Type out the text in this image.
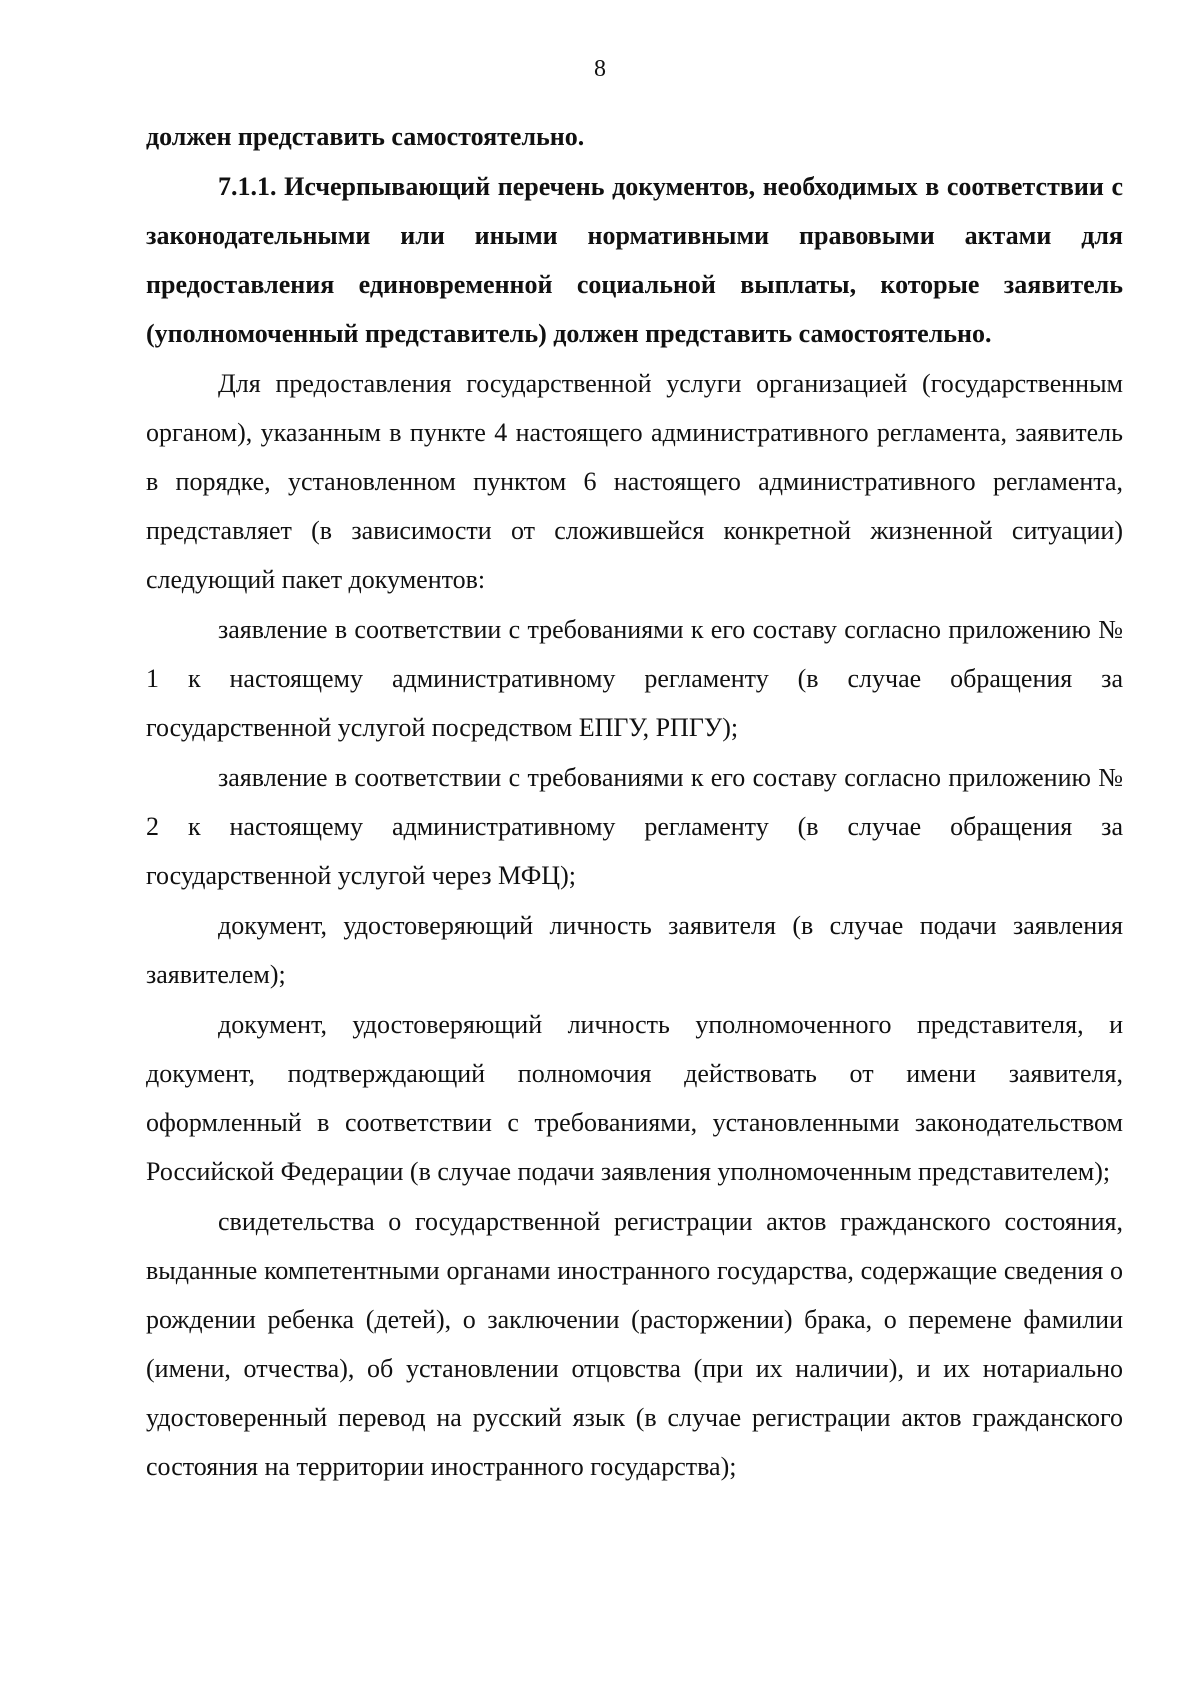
8

должен представить самостоятельно.

7.1.1. Исчерпывающий перечень документов, необходимых в соответствии с законодательными или иными нормативными правовыми актами для предоставления единовременной социальной выплаты, которые заявитель (уполномоченный представитель) должен представить самостоятельно.

Для предоставления государственной услуги организацией (государственным органом), указанным в пункте 4 настоящего административного регламента, заявитель в порядке, установленном пунктом 6 настоящего административного регламента, представляет (в зависимости от сложившейся конкретной жизненной ситуации) следующий пакет документов:

заявление в соответствии с требованиями к его составу согласно приложению № 1 к настоящему административному регламенту (в случае обращения за государственной услугой посредством ЕПГУ, РПГУ);

заявление в соответствии с требованиями к его составу согласно приложению № 2 к настоящему административному регламенту (в случае обращения за государственной услугой через МФЦ);

документ, удостоверяющий личность заявителя (в случае подачи заявления заявителем);

документ, удостоверяющий личность уполномоченного представителя, и документ, подтверждающий полномочия действовать от имени заявителя, оформленный в соответствии с требованиями, установленными законодательством Российской Федерации (в случае подачи заявления уполномоченным представителем);

свидетельства о государственной регистрации актов гражданского состояния, выданные компетентными органами иностранного государства, содержащие сведения о рождении ребенка (детей), о заключении (расторжении) брака, о перемене фамилии (имени, отчества), об установлении отцовства (при их наличии), и их нотариально удостоверенный перевод на русский язык (в случае регистрации актов гражданского состояния на территории иностранного государства);
